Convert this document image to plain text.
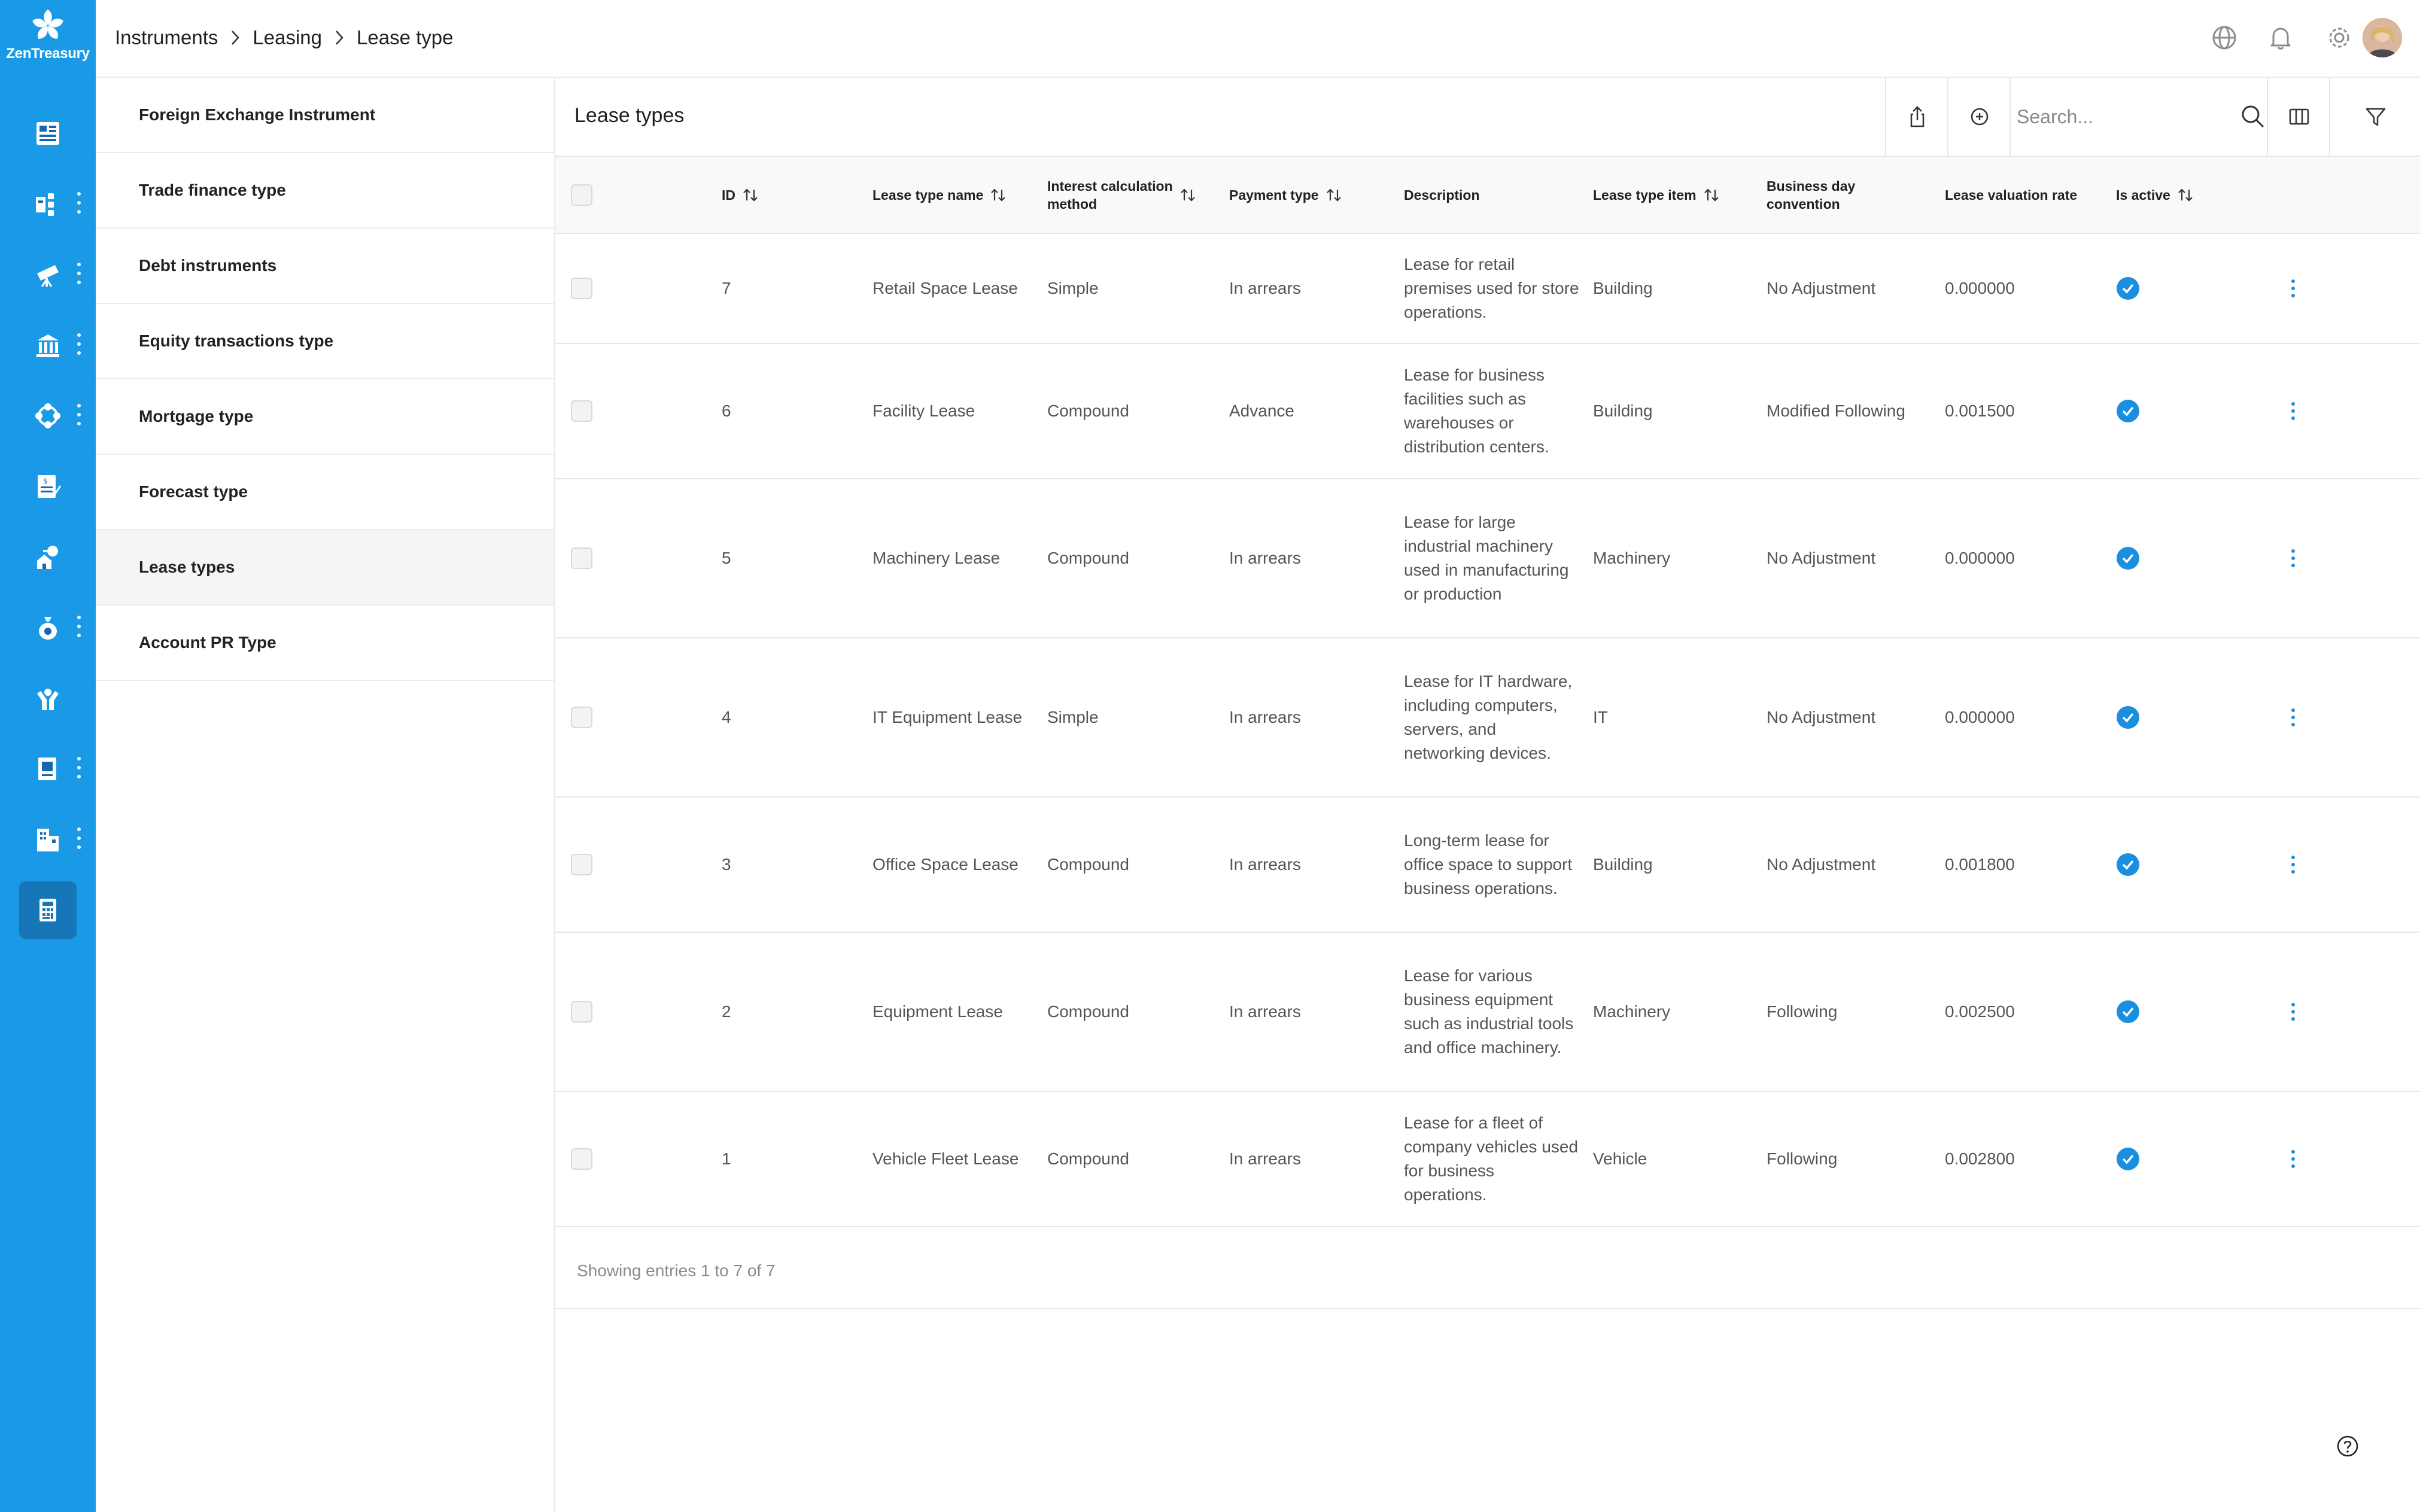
ZenTreasury
$
Instruments Leasing Lease type
Foreign Exchange Instrument
Trade finance type
Debt instruments
Equity transactions type
Mortgage type
Forecast type
Lease types
Account PR Type
Lease types
Search...

	ID	Lease type name	Interest calculation
method	Payment type	Description	Lease type item	Business day
convention	Lease valuation rate	Is active	

	7	Retail Space Lease	Simple	In arrears	Lease for retail premises used for store operations.	Building	No Adjustment	0.000000	

	6	Facility Lease	Compound	Advance	Lease for business facilities such as warehouses or distribution centers.	Building	Modified Following	0.001500	

	5	Machinery Lease	Compound	In arrears	Lease for large industrial machinery used in manufacturing or production	Machinery	No Adjustment	0.000000	

	4	IT Equipment Lease	Simple	In arrears	Lease for IT hardware, including computers, servers, and networking devices.	IT	No Adjustment	0.000000	

	3	Office Space Lease	Compound	In arrears	Long-term lease for office space to support business operations.	Building	No Adjustment	0.001800	

	2	Equipment Lease	Compound	In arrears	Lease for various business equipment such as industrial tools and office machinery.	Machinery	Following	0.002500	

	1	Vehicle Fleet Lease	Compound	In arrears	Lease for a fleet of company vehicles used for business operations.	Vehicle	Following	0.002800	

Showing entries 1 to 7 of 7
